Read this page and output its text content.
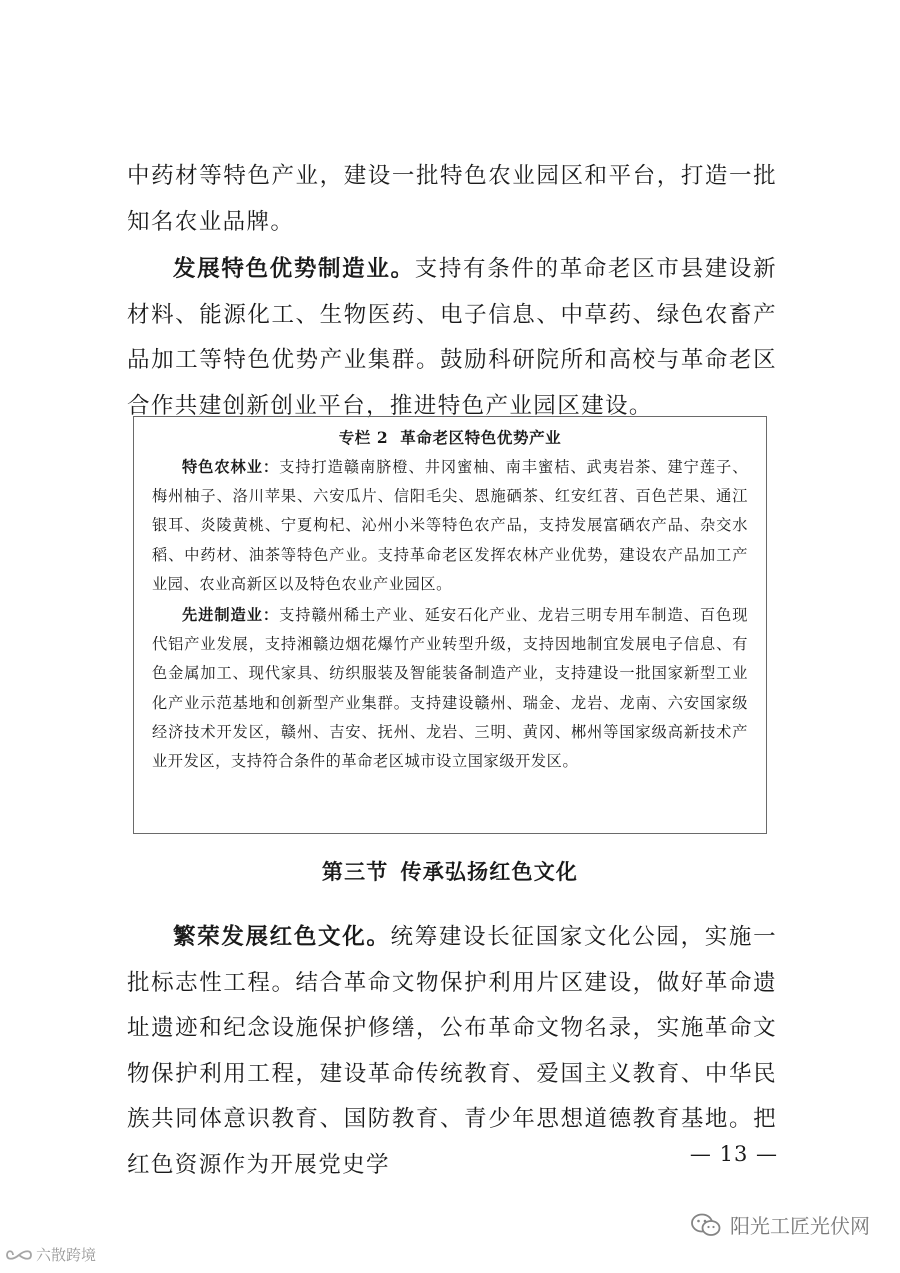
中药材等特色产业，建设一批特色农业园区和平台，打造一批知名农业品牌。

发展特色优势制造业。支持有条件的革命老区市县建设新材料、能源化工、生物医药、电子信息、中草药、绿色农畜产品加工等特色优势产业集群。鼓励科研院所和高校与革命老区合作共建创新创业平台，推进特色产业园区建设。

专栏 2 革命老区特色优势产业

特色农林业：支持打造赣南脐橙、井冈蜜柚、南丰蜜桔、武夷岩茶、建宁莲子、梅州柚子、洛川苹果、六安瓜片、信阳毛尖、恩施硒茶、红安红苕、百色芒果、通江银耳、炎陵黄桃、宁夏枸杞、沁州小米等特色农产品，支持发展富硒农产品、杂交水稻、中药材、油茶等特色产业。支持革命老区发挥农林产业优势，建设农产品加工产业园、农业高新区以及特色农业产业园区。

先进制造业：支持赣州稀土产业、延安石化产业、龙岩三明专用车制造、百色现代铝产业发展，支持湘赣边烟花爆竹产业转型升级，支持因地制宜发展电子信息、有色金属加工、现代家具、纺织服装及智能装备制造产业，支持建设一批国家新型工业化产业示范基地和创新型产业集群。支持建设赣州、瑞金、龙岩、龙南、六安国家级经济技术开发区，赣州、吉安、抚州、龙岩、三明、黄冈、郴州等国家级高新技术产业开发区，支持符合条件的革命老区城市设立国家级开发区。

第三节 传承弘扬红色文化

繁荣发展红色文化。统筹建设长征国家文化公园，实施一批标志性工程。结合革命文物保护利用片区建设，做好革命遗址遗迹和纪念设施保护修缮，公布革命文物名录，实施革命文物保护利用工程，建设革命传统教育、爱国主义教育、中华民族共同体意识教育、国防教育、青少年思想道德教育基地。把红色资源作为开展党史学	— 13 —
阳光工匠光伏网
六散跨境
